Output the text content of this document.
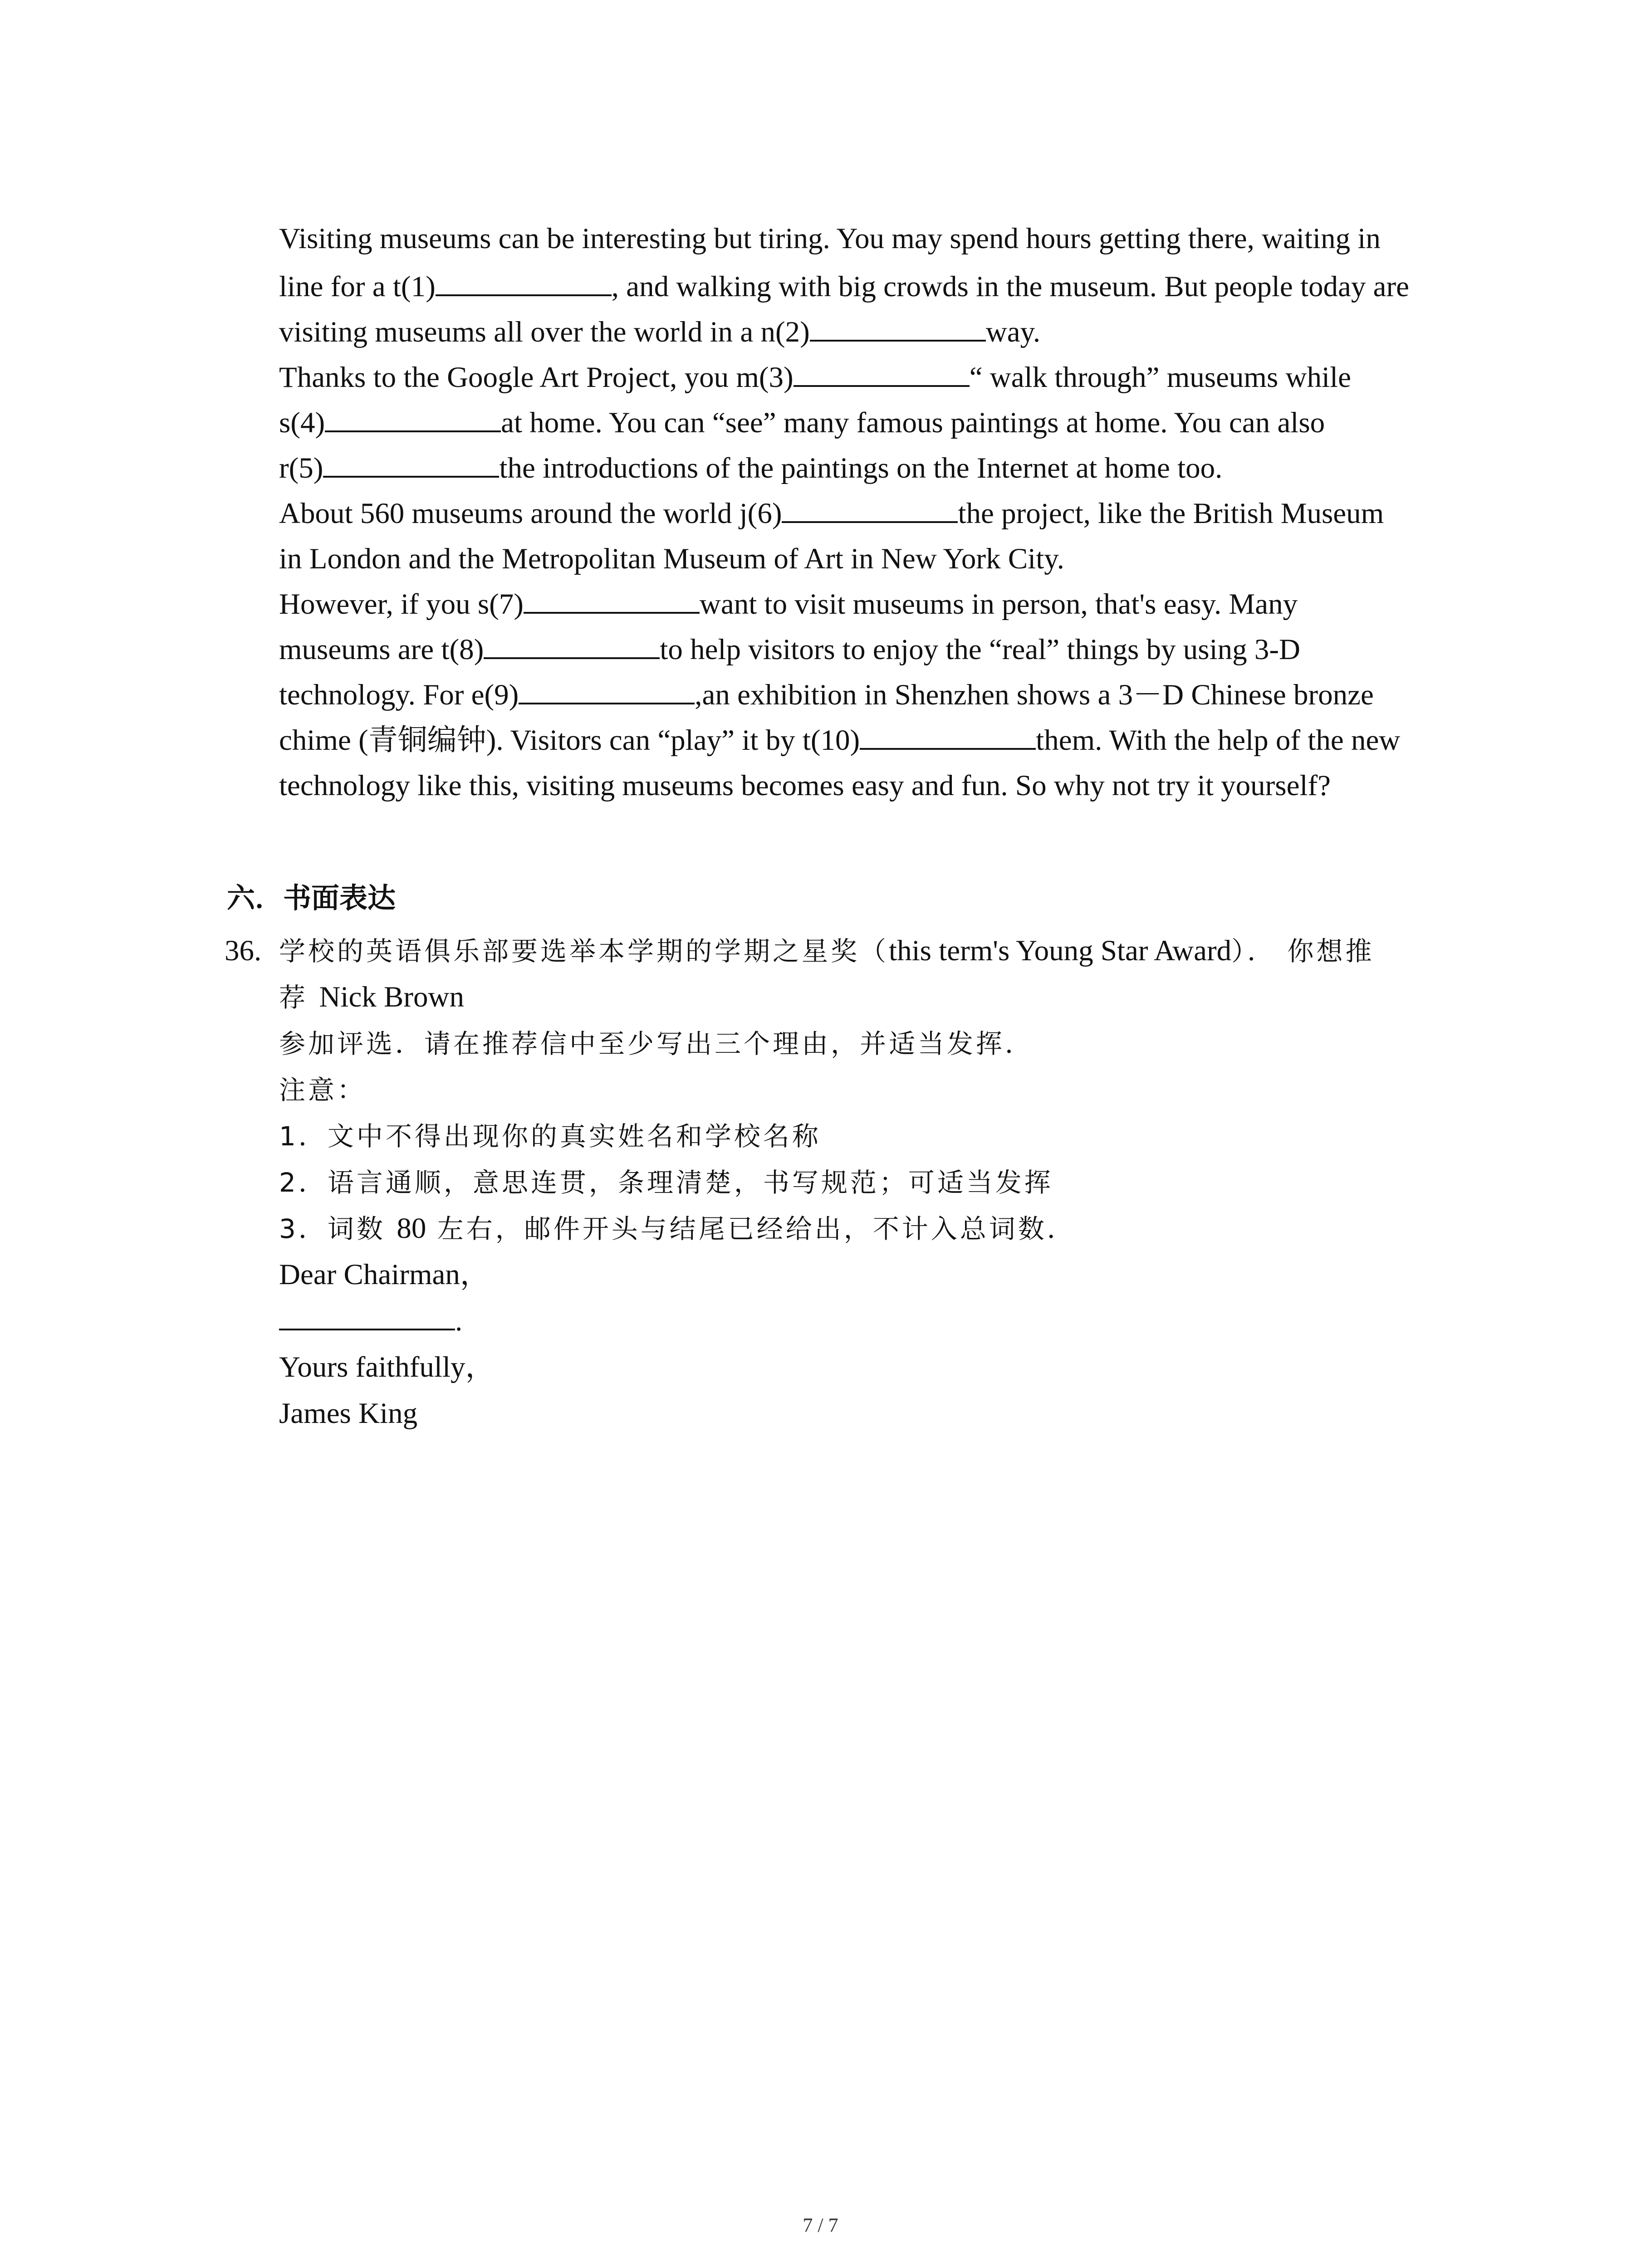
Visiting museums can be interesting but tiring. You may spend hours getting there, waiting in
line for a t(1)	, and walking with big crowds in the museum. But people today are
visiting museums all over the world in a n(2)	way.
Thanks to the Google Art Project, you m(3)	“ walk through” museums while
s(4)	at home. You can “see” many famous paintings at home. You can also
r(5)	the introductions of the paintings on the Internet at home too.
About 560 museums around the world j(6)	the project, like the British Museum
in London and the Metropolitan Museum of Art in New York City.
However, if you s(7)	want to visit museums in person, that's easy. Many
museums are t(8)	to help visitors to enjoy the “real” things by using 3-D
technology. For e(9)	,an exhibition in Shenzhen shows a 3－D Chinese bronze
chime (青铜编钟). Visitors can “play” it by t(10)	them. With the help of the new
technology like this, visiting museums becomes easy and fun. So why not try it yourself?
六．书面表达
36. 学校的英语俱乐部要选举本学期的学期之星奖（this term's Young Star Award）． 你想推
荐 Nick Brown
参加评选．请在推荐信中至少写出三个理由，并适当发挥．
注意：
1．文中不得出现你的真实姓名和学校名称
2．语言通顺，意思连贯，条理清楚，书写规范；可适当发挥
3．词数 80 左右，邮件开头与结尾已经给出，不计入总词数．
Dear Chairman，
.
Yours faithfully，
James King
7 / 7
